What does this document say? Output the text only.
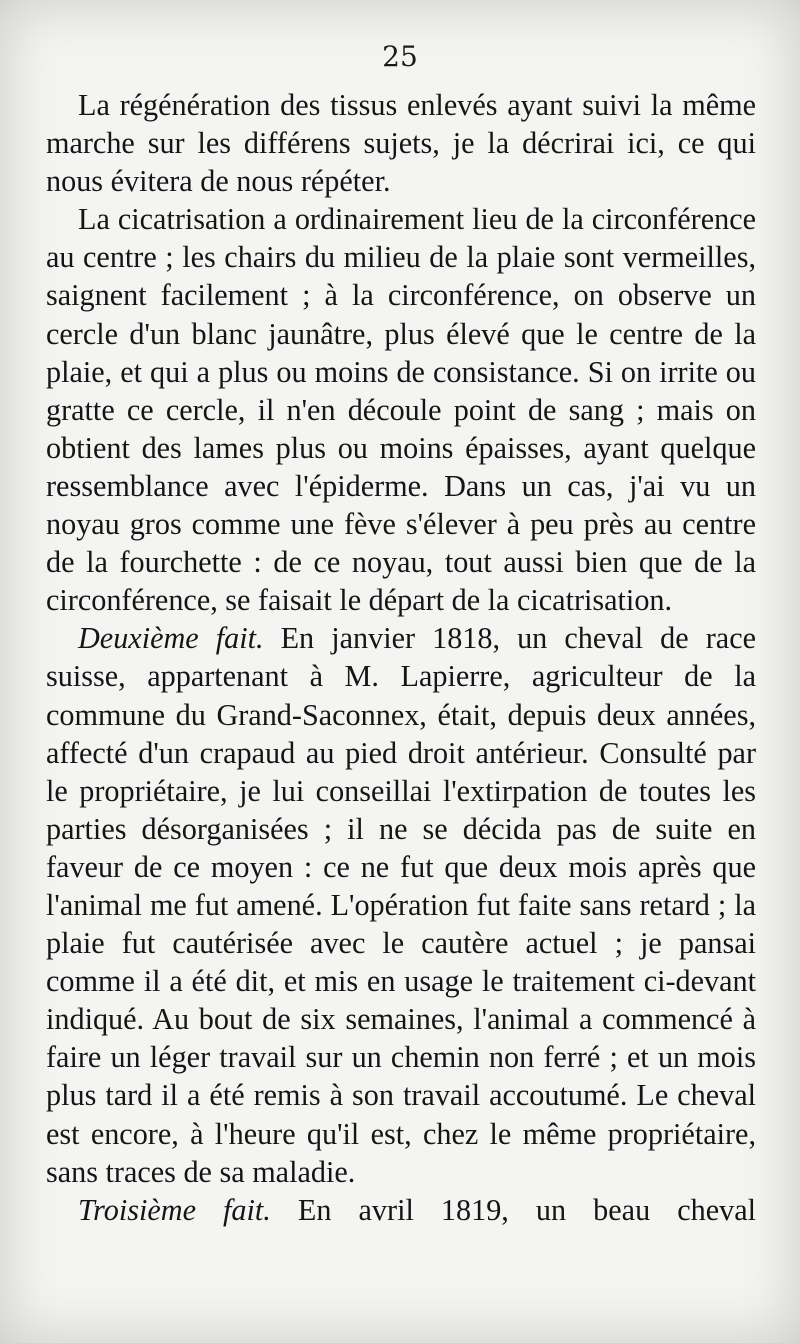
25

La régénération des tissus enlevés ayant suivi la même marche sur les différens sujets, je la décrirai ici, ce qui nous évitera de nous répéter.

La cicatrisation a ordinairement lieu de la circonférence au centre ; les chairs du milieu de la plaie sont vermeilles, saignent facilement ; à la circonférence, on observe un cercle d'un blanc jaunâtre, plus élevé que le centre de la plaie, et qui a plus ou moins de consistance. Si on irrite ou gratte ce cercle, il n'en découle point de sang ; mais on obtient des lames plus ou moins épaisses, ayant quelque ressemblance avec l'épiderme. Dans un cas, j'ai vu un noyau gros comme une fève s'élever à peu près au centre de la fourchette : de ce noyau, tout aussi bien que de la circonférence, se faisait le départ de la cicatrisation.

Deuxième fait. En janvier 1818, un cheval de race suisse, appartenant à M. Lapierre, agriculteur de la commune du Grand-Saconnex, était, depuis deux années, affecté d'un crapaud au pied droit antérieur. Consulté par le propriétaire, je lui conseillai l'extirpation de toutes les parties désorganisées ; il ne se décida pas de suite en faveur de ce moyen : ce ne fut que deux mois après que l'animal me fut amené. L'opération fut faite sans retard ; la plaie fut cautérisée avec le cautère actuel ; je pansai comme il a été dit, et mis en usage le traitement ci-devant indiqué. Au bout de six semaines, l'animal a commencé à faire un léger travail sur un chemin non ferré ; et un mois plus tard il a été remis à son travail accoutumé. Le cheval est encore, à l'heure qu'il est, chez le même propriétaire, sans traces de sa maladie.

Troisième fait. En avril 1819, un beau cheval
